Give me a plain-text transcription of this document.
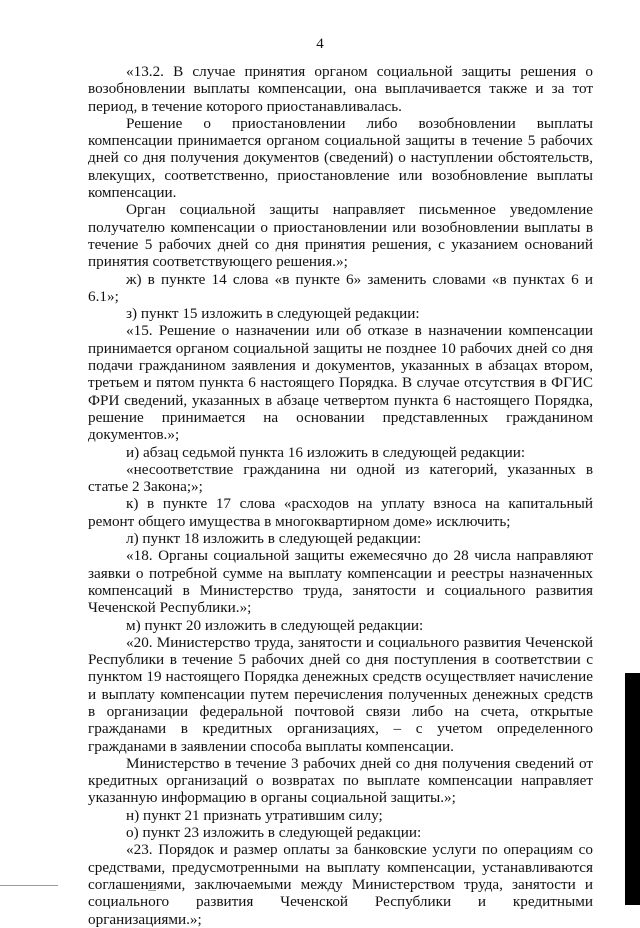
4

«13.2. В случае принятия органом социальной защиты решения о возобновлении выплаты компенсации, она выплачивается также и за тот период, в течение которого приостанавливалась.

Решение о приостановлении либо возобновлении выплаты компенсации принимается органом социальной защиты в течение 5 рабочих дней со дня получения документов (сведений) о наступлении обстоятельств, влекущих, соответственно, приостановление или возобновление выплаты компенсации.

Орган социальной защиты направляет письменное уведомление получателю компенсации о приостановлении или возобновлении выплаты в течение 5 рабочих дней со дня принятия решения, с указанием оснований принятия соответствующего решения.»;

ж) в пункте 14 слова «в пункте 6» заменить словами «в пунктах 6 и 6.1»;

з) пункт 15 изложить в следующей редакции:

«15. Решение о назначении или об отказе в назначении компенсации принимается органом социальной защиты не позднее 10 рабочих дней со дня подачи гражданином заявления и документов, указанных в абзацах втором, третьем и пятом пункта 6 настоящего Порядка. В случае отсутствия в ФГИС ФРИ сведений, указанных в абзаце четвертом пункта 6 настоящего Порядка, решение принимается на основании представленных гражданином документов.»;

и) абзац седьмой пункта 16 изложить в следующей редакции:

«несоответствие гражданина ни одной из категорий, указанных в статье 2 Закона;»;

к) в пункте 17 слова «расходов на уплату взноса на капитальный ремонт общего имущества в многоквартирном доме» исключить;

л) пункт 18 изложить в следующей редакции:

«18. Органы социальной защиты ежемесячно до 28 числа направляют заявки о потребной сумме на выплату компенсации и реестры назначенных компенсаций в Министерство труда, занятости и социального развития Чеченской Республики.»;

м) пункт 20 изложить в следующей редакции:

«20. Министерство труда, занятости и социального развития Чеченской Республики в течение 5 рабочих дней со дня поступления в соответствии с пунктом 19 настоящего Порядка денежных средств осуществляет начисление и выплату компенсации путем перечисления полученных денежных средств в организации федеральной почтовой связи либо на счета, открытые гражданами в кредитных организациях, – с учетом определенного гражданами в заявлении способа выплаты компенсации.

Министерство в течение 3 рабочих дней со дня получения сведений от кредитных организаций о возвратах по выплате компенсации направляет указанную информацию в органы социальной защиты.»;

н) пункт 21 признать утратившим силу;

о) пункт 23 изложить в следующей редакции:

«23. Порядок и размер оплаты за банковские услуги по операциям со средствами, предусмотренными на выплату компенсации, устанавливаются соглашениями, заключаемыми между Министерством труда, занятости и социального развития Чеченской Республики и кредитными организациями.»;
